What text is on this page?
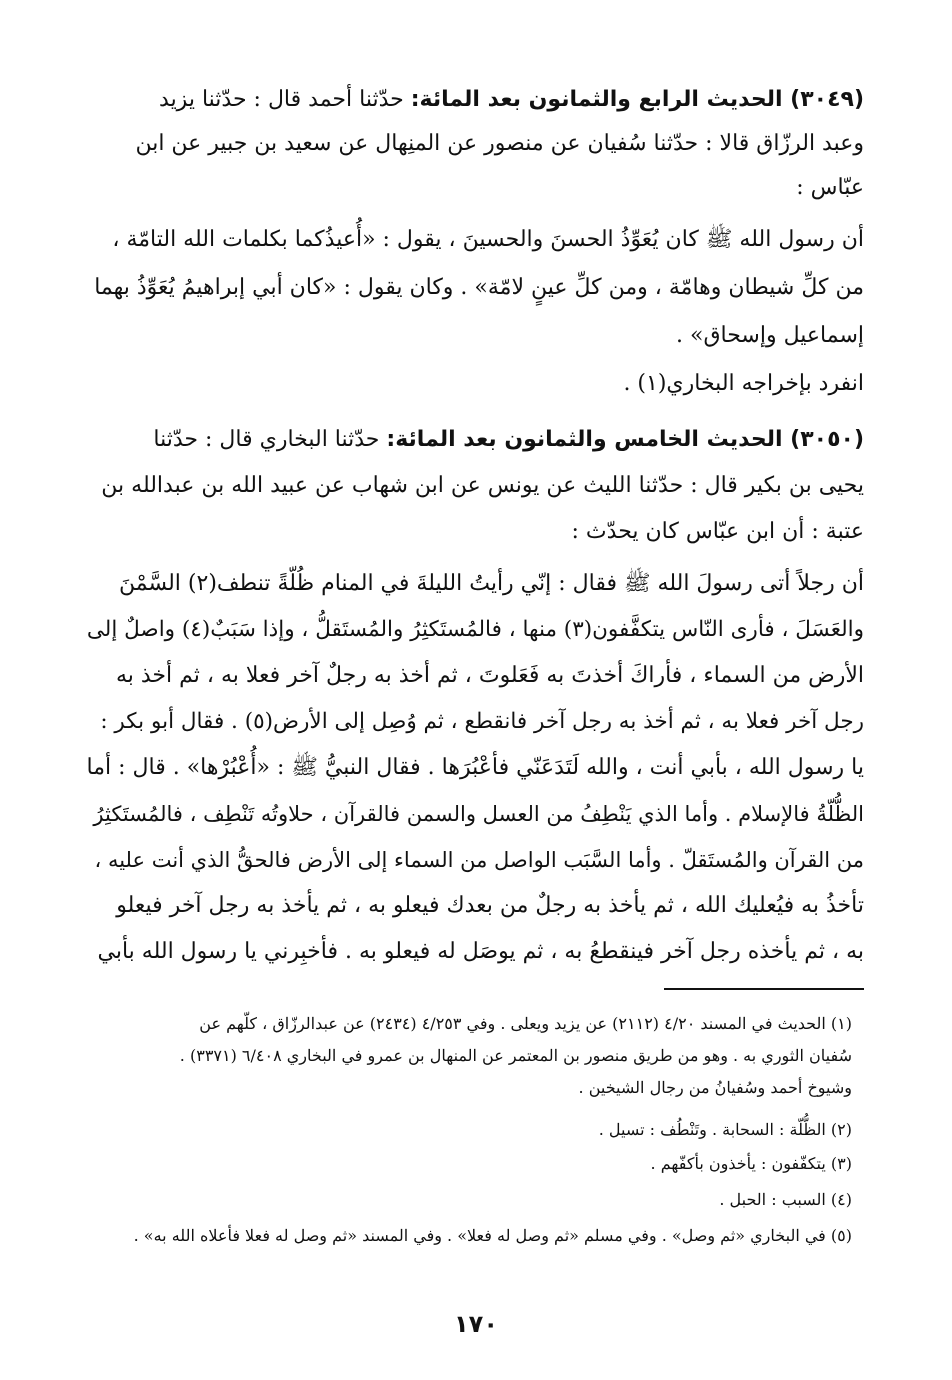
(٣٠٤٩) الحديث الرابع والثمانون بعد المائة: حدّثنا أحمد قال : حدّثنا يزيد
وعبد الرزّاق قالا : حدّثنا سُفيان عن منصور عن المنِهال عن سعيد بن جبير عن ابن
عبّاس :
أن رسول الله ﷺ كان يُعَوِّذُ الحسنَ والحسينَ ، يقول : «أُعيذُكما بكلمات الله التامّة ،
من كلِّ شيطان وهامّة ، ومن كلِّ عينٍ لامّة» . وكان يقول : «كان أبي إبراهيمُ يُعَوِّذُ بهما
إسماعيل وإسحاق» .
انفرد بإخراجه البخاري(١) .
(٣٠٥٠) الحديث الخامس والثمانون بعد المائة: حدّثنا البخاري قال : حدّثنا
يحيى بن بكير قال : حدّثنا الليث عن يونس عن ابن شهاب عن عبيد الله بن عبدالله بن
عتبة : أن ابن عبّاس كان يحدّث :
أن رجلاً أتى رسولَ الله ﷺ فقال : إنّي رأيتُ الليلةَ في المنام ظُلّةً تنطف(٢) السَّمْنَ
والعَسَلَ ، فأرى النّاس يتكفَّفون(٣) منها ، فالمُستَكثِرُ والمُستَقلُّ ، وإذا سَبَبٌ(٤) واصلٌ إلى
الأرض من السماء ، فأراكَ أخذتَ به فَعَلوتَ ، ثم أخذ به رجلٌ آخر فعلا به ، ثم أخذ به
رجل آخر فعلا به ، ثم أخذ به رجل آخر فانقطع ، ثم وُصِل إلى الأرض(٥) . فقال أبو بكر :
يا رسول الله ، بأبي أنت ، والله لَتَدَعَنّي فأعْبُرَها . فقال النبيُّ ﷺ : «أُعْبُرْها» . قال : أما
الظُّلّةُ فالإسلام . وأما الذي يَنْطِفُ من العسل والسمن فالقرآن ، حلاوتُه تَنْطِف ، فالمُستَكثِرُ
من القرآن والمُستَقلّ . وأما السَّبَب الواصل من السماء إلى الأرض فالحقُّ الذي أنت عليه ،
تأخذُ به فيُعليك الله ، ثم يأخذ به رجلٌ من بعدك فيعلو به ، ثم يأخذ به رجل آخر فيعلو
به ، ثم يأخذه رجل آخر فينقطعُ به ، ثم يوصَل له فيعلو به . فأخبِرني يا رسول الله بأبي
(١) الحديث في المسند ٤/٢٠ (٢١١٢) عن يزيد ويعلى . وفي ٤/٢٥٣ (٢٤٣٤) عن عبدالرزّاق ، كلّهم عن
سُفيان الثوري به . وهو من طريق منصور بن المعتمر عن المنهال بن عمرو في البخاري ٦/٤٠٨ (٣٣٧١) .
وشيوخ أحمد وسُفيانُ من رجال الشيخين .
(٢) الظُّلّة : السحابة . وتَنْطُف : تسيل .
(٣) يتكفّفون : يأخذون بأكفّهم .
(٤) السبب : الحبل .
(٥) في البخاري «ثم وصل» . وفي مسلم «ثم وصل له فعلا» . وفي المسند «ثم وصل له فعلا فأعلاه الله به» .
١٧٠
